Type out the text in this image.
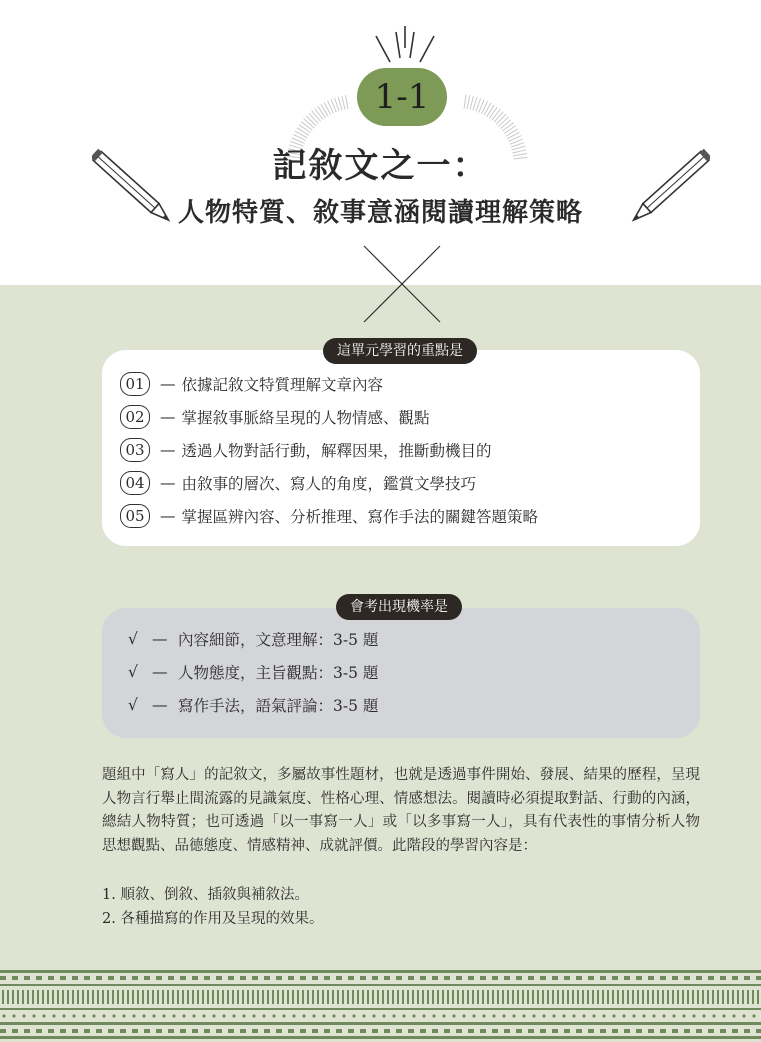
1-1
記敘文之一：
人物特質、敘事意涵閱讀理解策略
這單元學習的重點是
01 — 依據記敘文特質理解文章內容
02 — 掌握敘事脈絡呈現的人物情感、觀點
03 — 透過人物對話行動，解釋因果，推斷動機目的
04 — 由敘事的層次、寫人的角度，鑑賞文學技巧
05 — 掌握區辨內容、分析推理、寫作手法的關鍵答題策略
會考出現機率是
√ — 內容細節，文意理解：3-5 題
√ — 人物態度，主旨觀點：3-5 題
√ — 寫作手法，語氣評論：3-5 題
題組中「寫人」的記敘文，多屬故事性題材，也就是透過事件開始、發展、結果的歷程，呈現人物言行舉止間流露的見識氣度、性格心理、情感想法。閱讀時必須提取對話、行動的內涵，總結人物特質；也可透過「以一事寫一人」或「以多事寫一人」，具有代表性的事情分析人物思想觀點、品德態度、情感精神、成就評價。此階段的學習內容是：
1. 順敘、倒敘、插敘與補敘法。
2. 各種描寫的作用及呈現的效果。
